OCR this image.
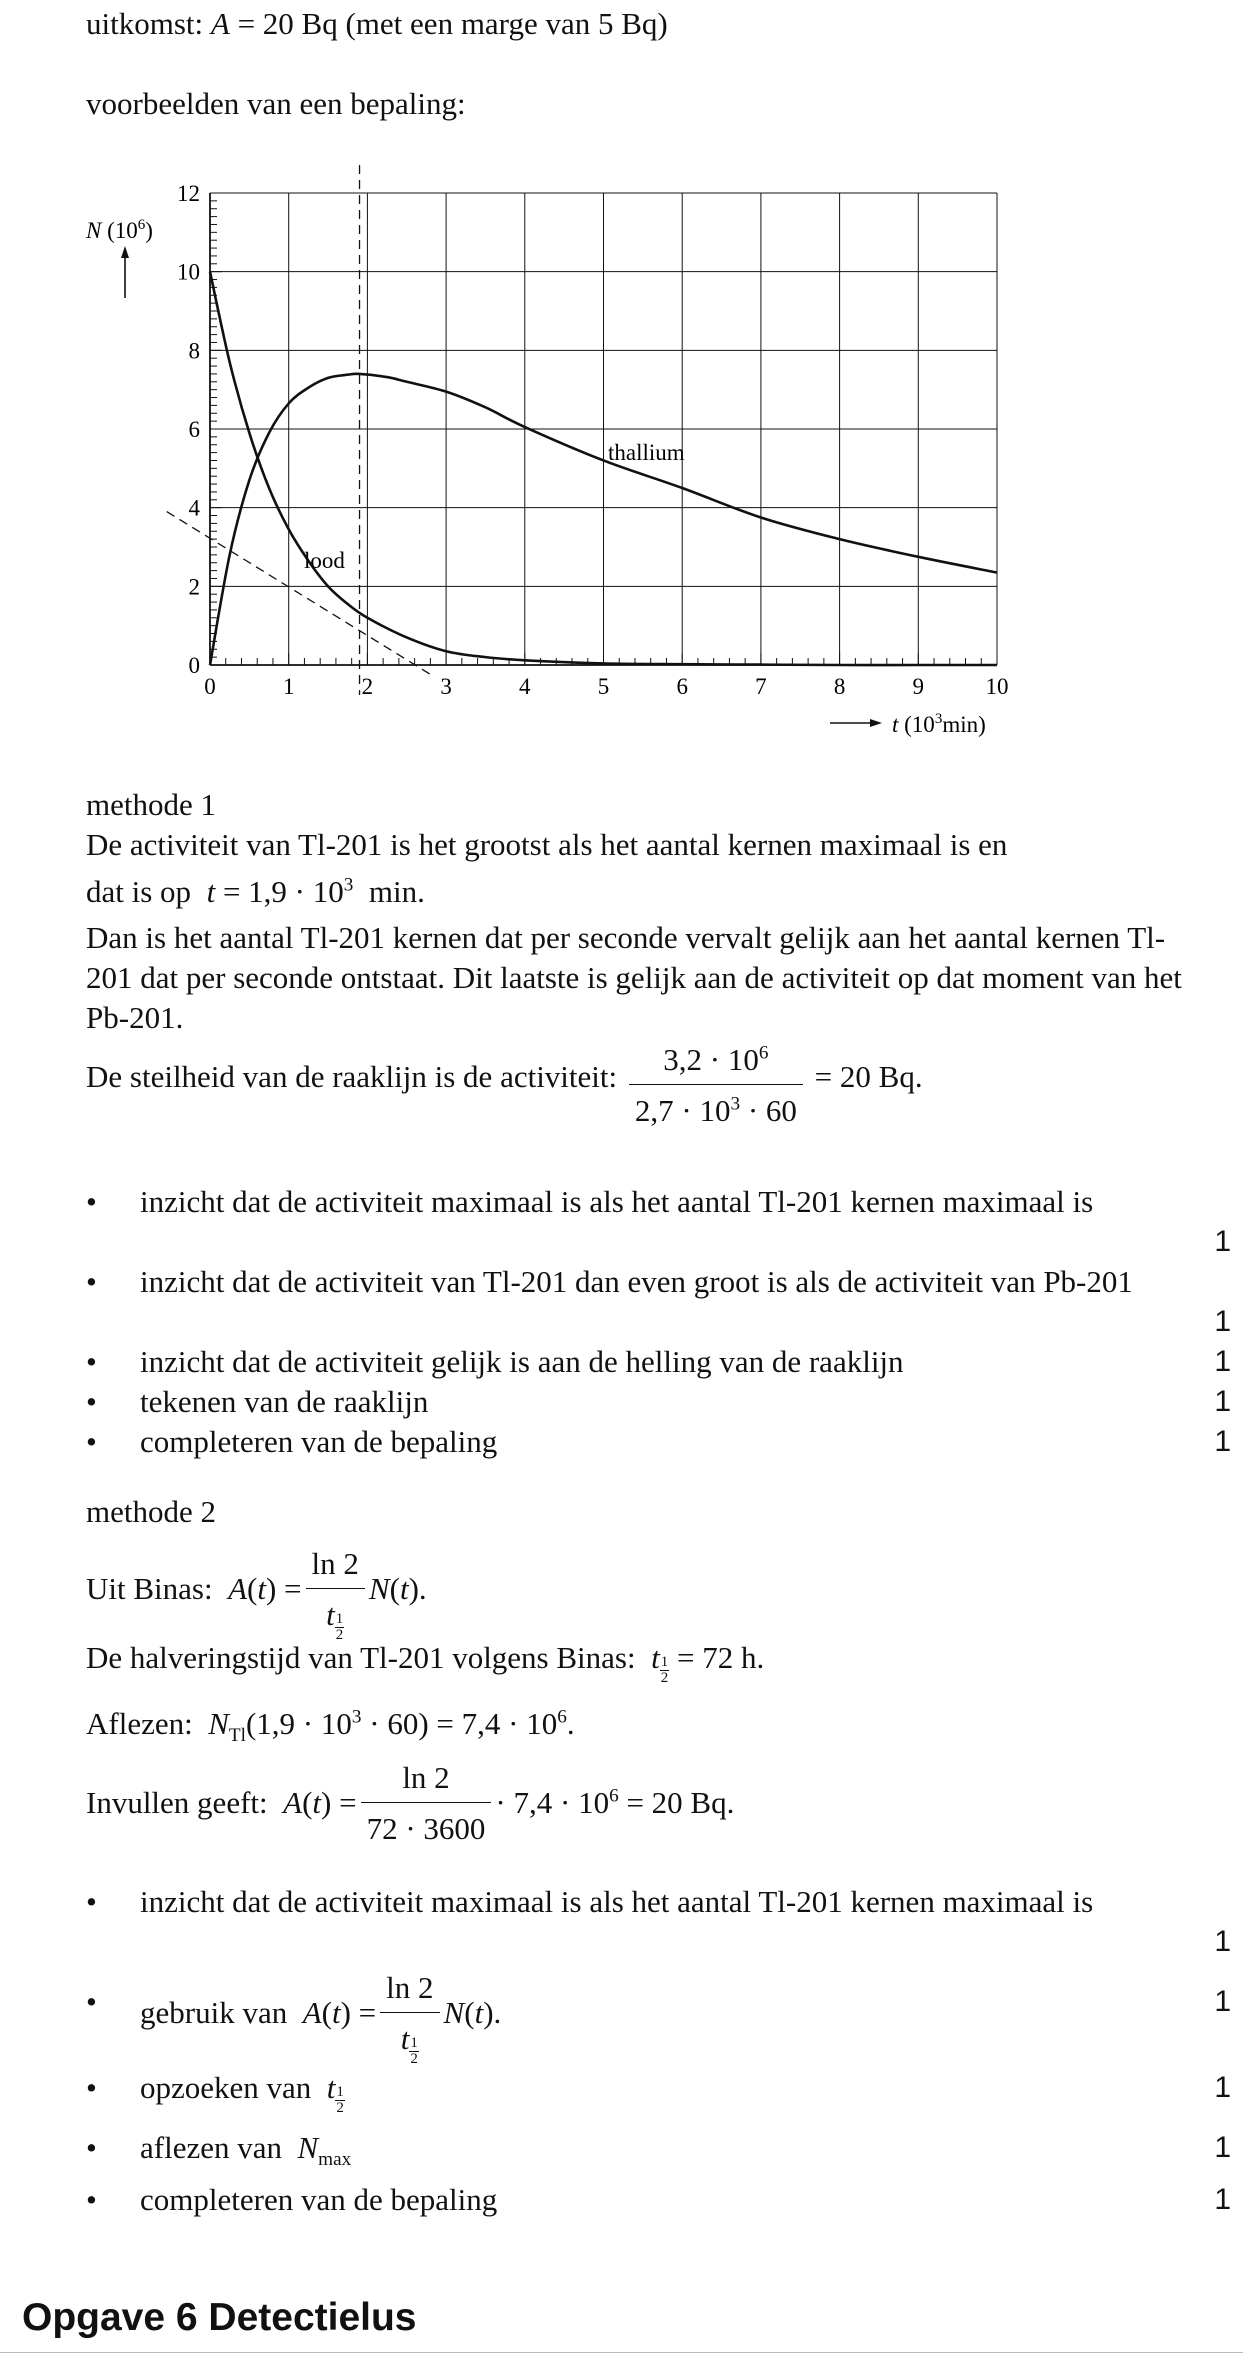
uitkomst: A = 20 Bq (met een marge van 5 Bq)
voorbeelden van een bepaling:
0	1	2	3	4	5	6	7	8	9	10
0
2
4
6
8
10
12
N $(10^6)$
t $(10^3\min)$
thallium
lood
methode 1
De activiteit van Tl-201 is het grootst als het aantal kernen maximaal is en
dat is op $t = 1,9 \cdot 10^3$ min.
Dan is het aantal Tl-201 kernen dat per seconde vervalt gelijk aan het aantal kernen Tl-201 dat per seconde ontstaat. Dit laatste is gelijk aan de activiteit op dat moment van het Pb-201.
De steilheid van de raaklijn is de activiteit: $\frac{3,2 \cdot 10^6}{2,7 \cdot 10^3 \cdot 60} = 20$ Bq.
• inzicht dat de activiteit maximaal is als het aantal Tl-201 kernen maximaal is
1
• inzicht dat de activiteit van Tl-201 dan even groot is als de activiteit van Pb-201
1
• inzicht dat de activiteit gelijk is aan de helling van de raaklijn	1
• tekenen van de raaklijn	1
• completeren van de bepaling	1
methode 2
Uit Binas: $A(t) = \frac{\ln 2}{t \frac{1}{2}} N(t)$.
De halveringstijd van Tl-201 volgens Binas: t $\frac{1}{2} = 72$ h.
Aflezen: $N_{Tl}(1,9 \cdot 10^3 \cdot 60) = 7,4 \cdot 10^6$.
Invullen geeft: $A(t) = \frac{\ln 2}{72 \cdot 3600} \cdot 7,4 \cdot 10^6 = 20$ Bq.
• inzicht dat de activiteit maximaal is als het aantal Tl-201 kernen maximaal is
1
• gebruik van $A(t) = \frac{\ln 2}{t \frac{1}{2}} N(t)$.	1
• opzoeken van t $\frac{1}{2}$	1
• aflezen van $N_{max}$	1
• completeren van de bepaling	1
Opgave 6 Detectielus
